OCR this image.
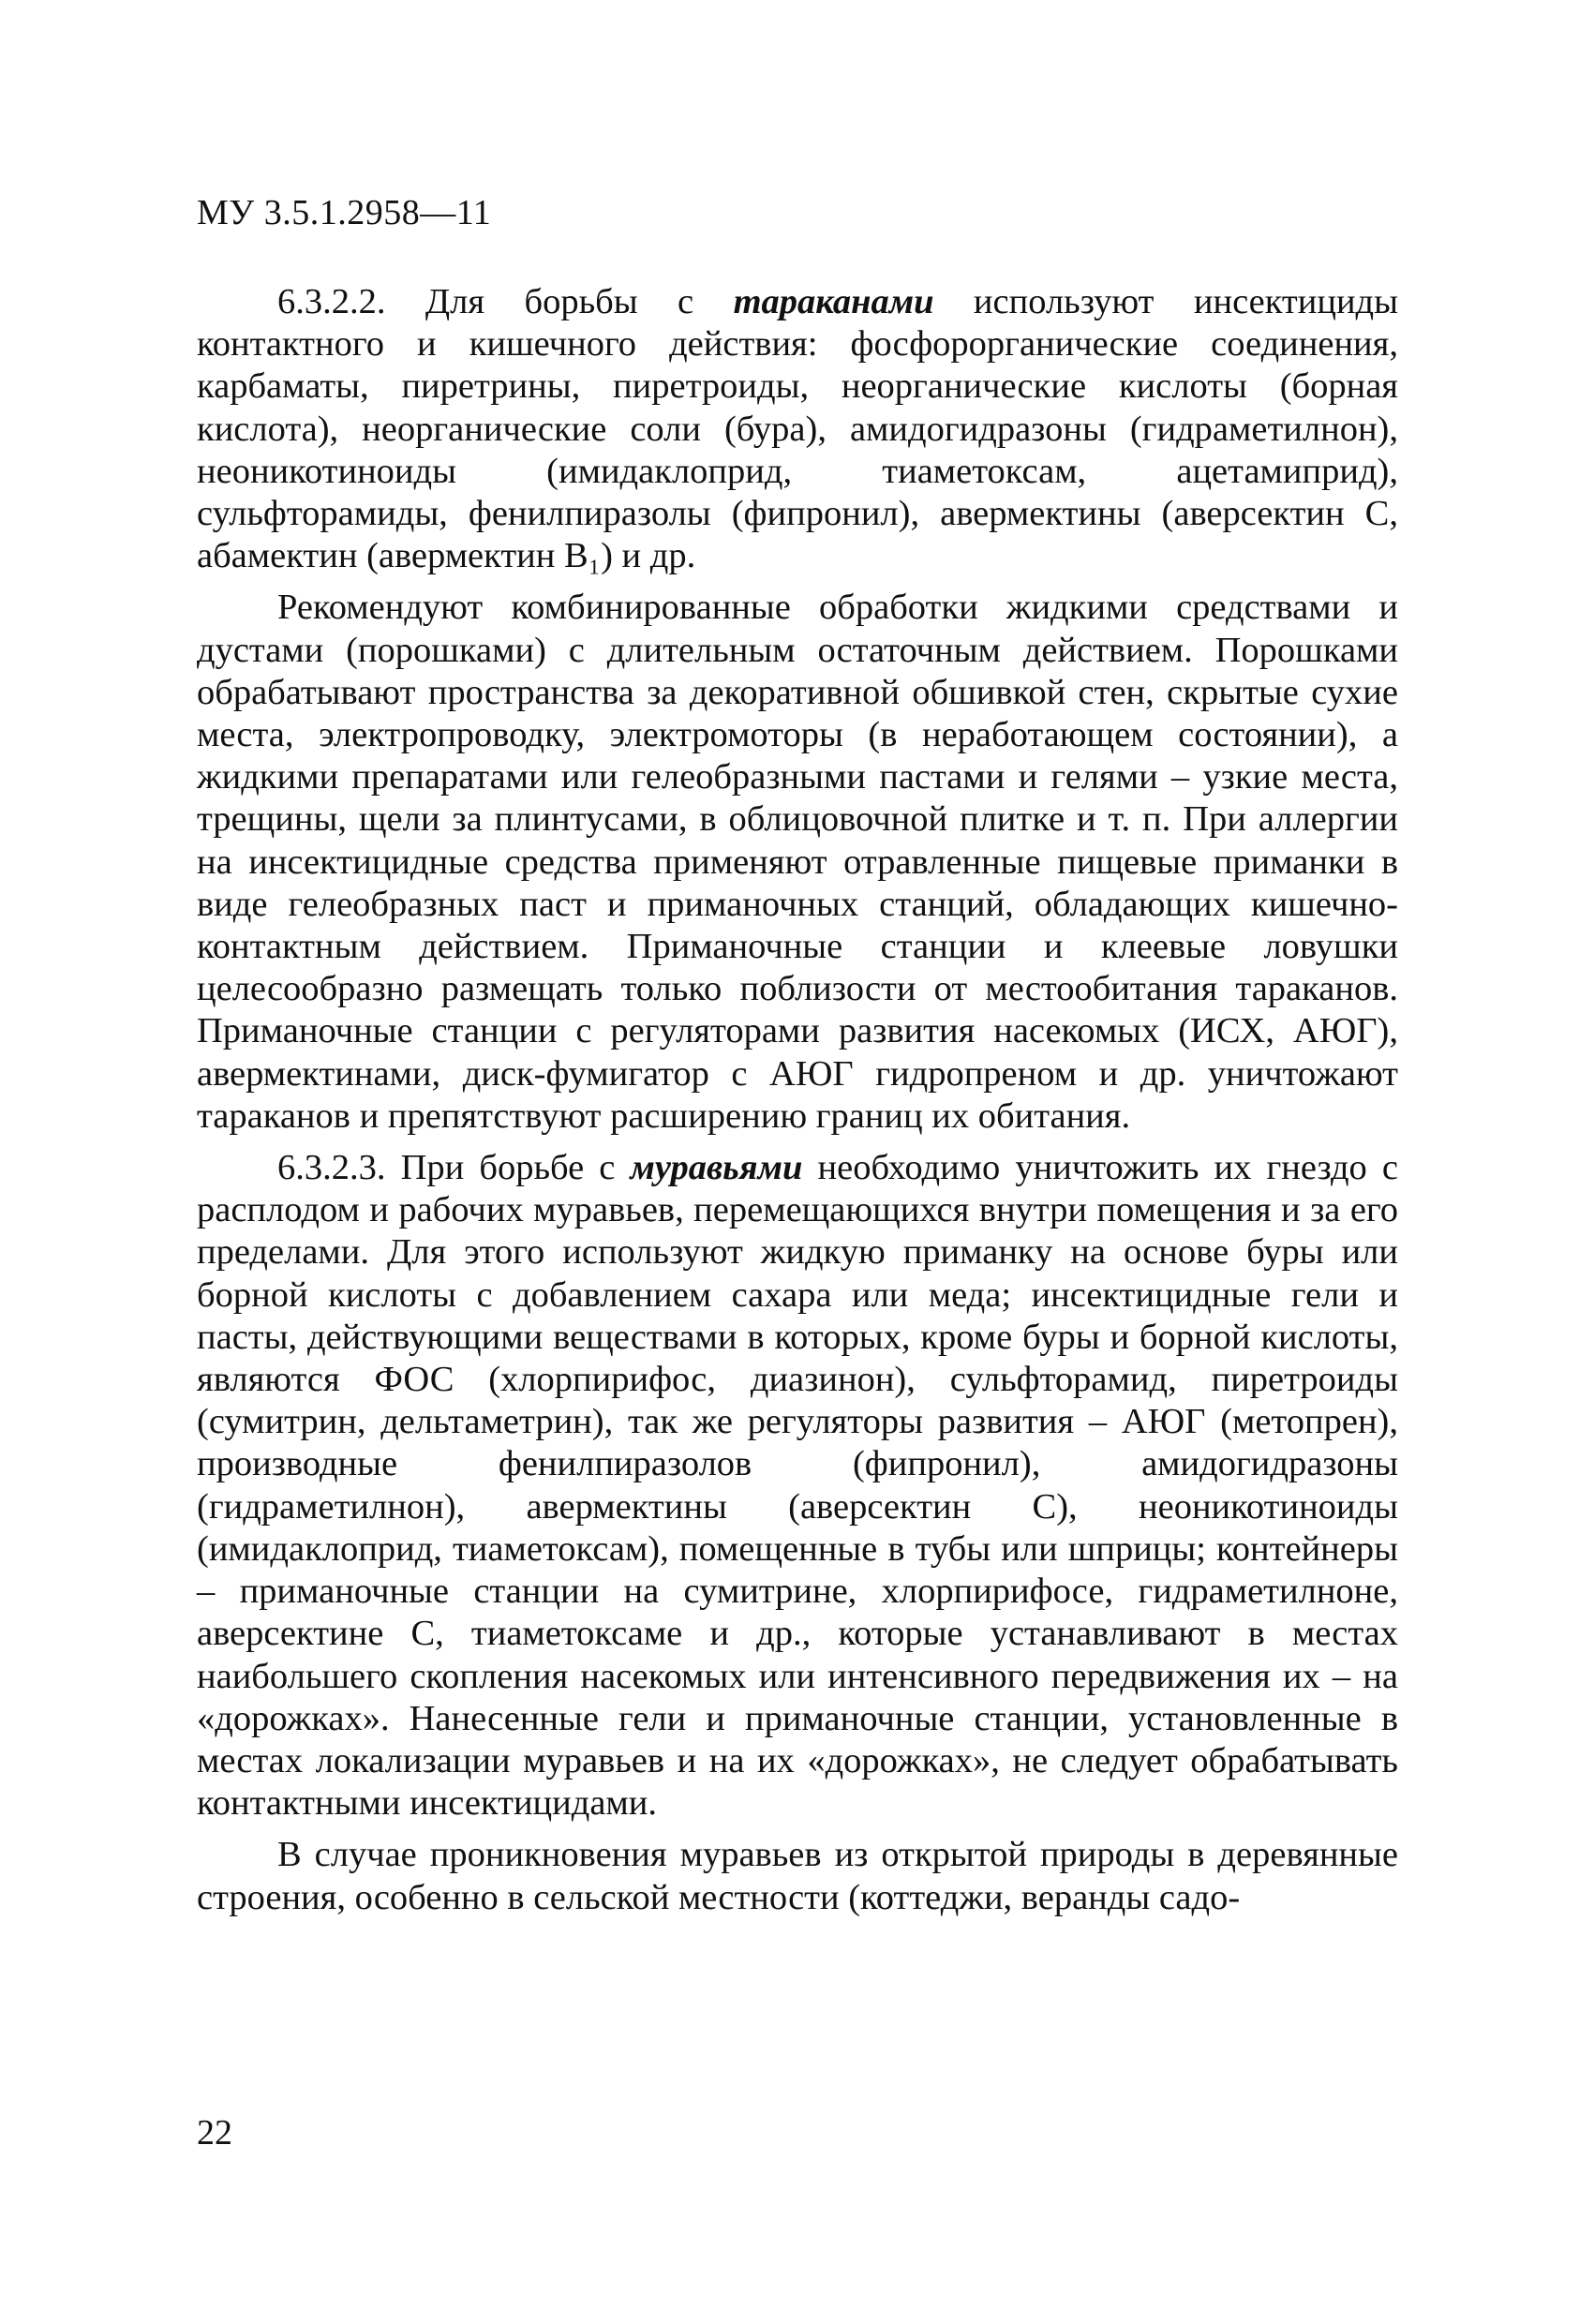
МУ 3.5.1.2958—11

6.3.2.2. Для борьбы с тараканами используют инсектициды контактного и кишечного действия: фосфорорганические соединения, карбаматы, пиретрины, пиретроиды, неорганические кислоты (борная кислота), неорганические соли (бура), амидогидразоны (гидраметилнон), неоникотиноиды (имидаклоприд, тиаметоксам, ацетамиприд), сульфторамиды, фенилпиразолы (фипронил), авермектины (аверсектин С, абамектин (авермектин B₁) и др.

Рекомендуют комбинированные обработки жидкими средствами и дустами (порошками) с длительным остаточным действием. Порошками обрабатывают пространства за декоративной обшивкой стен, скрытые сухие места, электропроводку, электромоторы (в неработающем состоянии), а жидкими препаратами или гелеобразными пастами и гелями – узкие места, трещины, щели за плинтусами, в облицовочной плитке и т. п. При аллергии на инсектицидные средства применяют отравленные пищевые приманки в виде гелеобразных паст и приманочных станций, обладающих кишечно-контактным действием. Приманочные станции и клеевые ловушки целесообразно размещать только поблизости от местообитания тараканов. Приманочные станции с регуляторами развития насекомых (ИСХ, АЮГ), авермектинами, диск-фумигатор с АЮГ гидропреном и др. уничтожают тараканов и препятствуют расширению границ их обитания.

6.3.2.3. При борьбе с муравьями необходимо уничтожить их гнездо с расплодом и рабочих муравьев, перемещающихся внутри помещения и за его пределами. Для этого используют жидкую приманку на основе буры или борной кислоты с добавлением сахара или меда; инсектицидные гели и пасты, действующими веществами в которых, кроме буры и борной кислоты, являются ФОС (хлорпирифос, диазинон), сульфторамид, пиретроиды (сумитрин, дельтаметрин), так же регуляторы развития – АЮГ (метопрен), производные фенилпиразолов (фипронил), амидогидразоны (гидраметилнон), авермектины (аверсектин С), неоникотиноиды (имидаклоприд, тиаметоксам), помещенные в тубы или шприцы; контейнеры – приманочные станции на сумитрине, хлорпирифосе, гидраметилноне, аверсектине С, тиаметоксаме и др., которые устанавливают в местах наибольшего скопления насекомых или интенсивного передвижения их – на «дорожках». Нанесенные гели и приманочные станции, установленные в местах локализации муравьев и на их «дорожках», не следует обрабатывать контактными инсектицидами.

В случае проникновения муравьев из открытой природы в деревянные строения, особенно в сельской местности (коттеджи, веранды садо-

22
